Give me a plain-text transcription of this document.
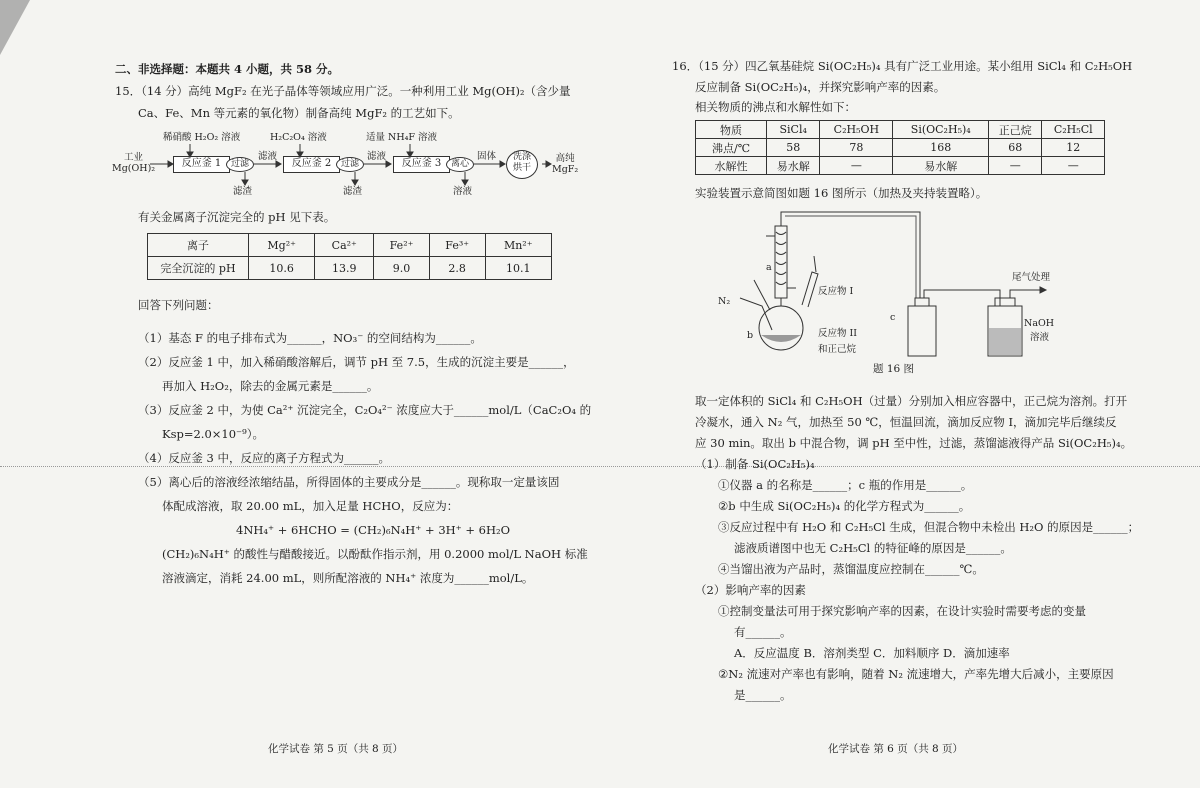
二、非选择题：本题共 4 小题，共 58 分。
15．（14 分）高纯 MgF₂ 在光子晶体等领域应用广泛。一种利用工业 Mg(OH)₂（含少量
Ca、Fe、Mn 等元素的氧化物）制备高纯 MgF₂ 的工艺如下。
工业
Mg(OH)₂
稀硝酸 H₂O₂ 溶液	H₂C₂O₄ 溶液	适量 NH₄F 溶液
反应釜 1	过滤
滤液
滤渣
反应釜 2	过滤
滤液
滤渣
反应釜 3	离心
固体
溶液
洗涤
烘干
高纯
MgF₂
有关金属离子沉淀完全的 pH 见下表。
离子	Mg²⁺	Ca²⁺	Fe²⁺	Fe³⁺	Mn²⁺
完全沉淀的 pH	10.6	13.9	9.0	2.8	10.1
回答下列问题：
（1）基态 F 的电子排布式为______，NO₃⁻ 的空间结构为______。
（2）反应釜 1 中，加入稀硝酸溶解后，调节 pH 至 7.5，生成的沉淀主要是______，
再加入 H₂O₂，除去的金属元素是______。
（3）反应釜 2 中，为使 Ca²⁺ 沉淀完全，C₂O₄²⁻ 浓度应大于______mol/L（CaC₂O₄ 的
Ksp=2.0×10⁻⁹）。
（4）反应釜 3 中，反应的离子方程式为______。
（5）离心后的溶液经浓缩结晶，所得固体的主要成分是______。现称取一定量该固
体配成溶液，取 20.00 mL，加入足量 HCHO，反应为：
4NH₄⁺ + 6HCHO = (CH₂)₆N₄H⁺ + 3H⁺ + 6H₂O
(CH₂)₆N₄H⁺ 的酸性与醋酸接近。以酚酞作指示剂，用 0.2000 mol/L NaOH 标准
溶液滴定，消耗 24.00 mL，则所配溶液的 NH₄⁺ 浓度为______mol/L。
化学试卷 第 5 页（共 8 页）
16．（15 分）四乙氧基硅烷 Si(OC₂H₅)₄ 具有广泛工业用途。某小组用 SiCl₄ 和 C₂H₅OH
反应制备 Si(OC₂H₅)₄，并探究影响产率的因素。
相关物质的沸点和水解性如下：
物质	SiCl₄	C₂H₅OH	Si(OC₂H₅)₄	正己烷	C₂H₅Cl
沸点/℃	58	78	168	68	12
水解性	易水解	—	易水解	—	—
实验装置示意简图如题 16 图所示（加热及夹持装置略）。
a
b
c
N₂
反应物 I
反应物 II
和正己烷
尾气处理
NaOH
溶液
题 16 图
取一定体积的 SiCl₄ 和 C₂H₅OH（过量）分别加入相应容器中，正己烷为溶剂。打开
冷凝水，通入 N₂ 气，加热至 50 ℃，恒温回流，滴加反应物 I，滴加完毕后继续反
应 30 min。取出 b 中混合物，调 pH 至中性，过滤，蒸馏滤液得产品 Si(OC₂H₅)₄。
（1）制备 Si(OC₂H₅)₄
①仪器 a 的名称是______；c 瓶的作用是______。
②b 中生成 Si(OC₂H₅)₄ 的化学方程式为______。
③反应过程中有 H₂O 和 C₂H₅Cl 生成，但混合物中未检出 H₂O 的原因是______；
滤液质谱图中也无 C₂H₅Cl 的特征峰的原因是______。
④当馏出液为产品时，蒸馏温度应控制在______℃。
（2）影响产率的因素
①控制变量法可用于探究影响产率的因素，在设计实验时需要考虑的变量
有______。
A．反应温度 B．溶剂类型 C．加料顺序 D．滴加速率
②N₂ 流速对产率也有影响，随着 N₂ 流速增大，产率先增大后减小，主要原因
是______。
化学试卷 第 6 页（共 8 页）
